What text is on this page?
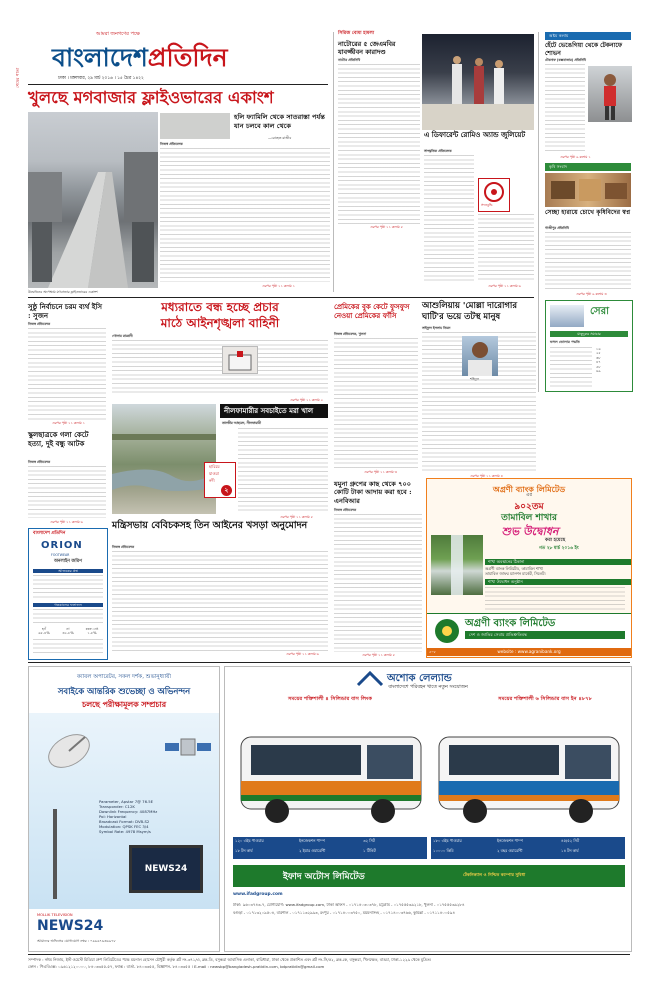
শেষের পাতা
আমরা জনগণের পক্ষে
বাংলাদেশপ্রতিদিন
ঢাকা । মঙ্গলবার, ২৯ মার্চ ২০১৬ । ১৫ চৈত্র ১৪২২
খুলছে মগবাজার ফ্লাইওভারের একাংশ
উদ্বোধনের অপেক্ষায় মগবাজার ফ্লাইওভারের একাংশ
হলি ফ্যামিলি থেকে সাতরাস্তা পর্যন্ত যান চলবে কাল থেকে
—রোহেত রাজীব
নিজস্ব প্রতিবেদক
এরপর পৃষ্ঠা ১১ কলাম ১
সিরিজ বোমা হামলা
নাটোরের ৫ জেএমবির যাবজ্জীবন কারাদণ্ড
নাটোর প্রতিনিধি
এরপর পৃষ্ঠা ১১ কলাম ৫
এ ডিফারেন্ট রোমিও অ্যান্ড জুলিয়েট
সাংস্কৃতিক প্রতিবেদক
সদনবুদ্ধি
এরপর পৃষ্ঠা ১১ কলাম ৬
অষ্টম কলাম
হেঁটে ভেঙেগিয়া থেকে টেকনাফে শোভন
টেকনাফ (কক্সবাজার) প্রতিনিধি
এরপর পৃষ্ঠা ৯ কলাম ১
কৃষি সংবাদ
সেচ্ছা হারায়ে চোখে কৃষিবিদের স্বপ্ন
গাজীপুর প্রতিনিধি
এরপর পৃষ্ঠা ৯ কলাম ৩
সেরা
মাছুদুরুর সমাচার
ফসল তোলার পদ্ধতি
১৬
২৫
৩৮
৪৭
৫৮
৬৯
সুষ্ঠু নির্বাচনে চরম ব্যর্থ ইসি : সুজন
নিজস্ব প্রতিবেদক
এরপর পৃষ্ঠা ১১ কলাম ১
মধ্যরাতে বন্ধ হচ্ছে প্রচার
মাঠে আইনশৃঙ্খলা বাহিনী
গোলাম রাব্বানী
এরপর পৃষ্ঠা ১১ কলাম ২
প্রেমিকের বুক কেটে ফুসফুস নেওয়া প্রেমিকের ফাঁসি
নিজস্ব প্রতিবেদক, খুলনা
এরপর পৃষ্ঠা ১১ কলাম ৩
আশুলিয়ায় 'মোল্লা দারোগার ঘাটি'র ভয়ে তটস্থ মানুষ
সাইফুল ইসলাম তিমন
শহিদুল
এরপর পৃষ্ঠা ১১ কলাম ৪
স্কুলছাত্রকে গলা কেটে হত্যা, দুই বন্ধু আটক
নিজস্ব প্রতিবেদক
এরপর পৃষ্ঠা ১১ কলাম ৬
বাংলাদেশ প্রতিদিন
ORION
FOOTWEAR
অনলাইন জরিপ
আজকের প্রশ্ন
গতকালের ফলাফল
হ্যাঁ
৬৫.৪%
না
৩২.৮%
মন্তব্য নেই
১.৮%
হারিয়ে
যাওয়া
নদী
২
নীলফামারীর সবচাইতে মরা খাল
তানভীর আহমেদ, নীলফামারী
এরপর পৃষ্ঠা ১১ কলাম ৫
মন্ত্রিসভায় বেবিচকসহ তিন আইনের খসড়া অনুমোদন
নিজস্ব প্রতিবেদক
এরপর পৃষ্ঠা ১১ কলাম ৬
যমুনা গ্রুপের কাছ থেকে ৭০০ কোটি টাকা আদায় করা হবে : এনবিআর
নিজস্ব প্রতিবেদক
এরপর পৃষ্ঠা ১১ কলাম ৫
অগ্রণী ব্যাংক লিমিটেড
এর
৯০২তম
তামাবিল শাখার
শুভ উদ্বোধন
করা হয়েছে
গত ২৮ মার্চ ২০১৬ ইং
শাখা অবস্থানের ঠিকানা
অগ্রণী ব্যাংক লিমিটেড, তামাবিল শাখা
তামাবিল জাফর ম্যানশন মার্কেট, সিলেট।
শাখা উদ্বোধন অনুষ্ঠান
অগ্রণী ব্যাংক লিমিটেড
দেশ ও জাতির সেবায় প্রতিশ্রুতিবদ্ধ
website : www.agranibank.org
৫০৮
ক্যাবল অপারেটর, সকল দর্শক, শুভানুধ্যায়ী
সবাইকে আন্তরিক শুভেচ্ছা ও অভিনন্দন
চলছে পরীক্ষামূলক সম্প্রচার
Parameter, Apstar 7@ 76.5E
Transponder: C12K
Downlink Frequency: 4087MHz
Pol: Horizontal
Broadcast Format: DVB-S2
Modulation: QPSK FEC 3/4
Symbol Rate: 4978 Msym/s
NEWS24
MOLLIK TELEVISION
NEWS24
আমাদের অফিসের যোগাযোগ নম্বর : ০৯৬৬৭৬৩৬৯৭৮
অশোক লেল্যান্ড
বাংলাদেশে পরিবহন খাতে নতুন সংযোজন
সময়ের শক্তিশালী ৪ সিলিন্ডার বাস লিংক	সময়ের শক্তিশালী ৬ সিলিন্ডার বাস ইন ৪৮৭৮
১২০ এইচ পাওয়ার	ইনজেকশন পাম্প	৩২ সিট
১৮ টন কার্ব	২ ইয়ার ওয়ারেন্টি	১ টিকিট
১৮০ এইচ পাওয়ার	ইনজেকশন পাম্প	৪৫/৫২ সিট
১০০০০ কিমি	২ বছর ওয়ারেন্টি	১৪ টন কার্ব
ইফাদ অটোস লিমিটেড	টেকনিক্যাল ও নিশ্চিত কম্পোর সুবিধা
www.ifadgroup.com
ঢাকা: ৯৬০৩৭৪৩-৭, যোগাযোগ: www.ifadgroup.com, ঢাকা অফিস - ০১৭১৪০৩০৩৭৮, চট্টগ্রাম - ০১৭৫৫৫৩৯২১৮, খুলনা - ০১৭৫৫৫৩৯২৮৪
বগুড়া - ০১৭১৩২০৯৫০৪, বরিশাল - ০১৭১১৩২৯৯৩, রংপুর - ০১৭১৪০০৩৭৫০, ময়মনসিংহ - ০১৭১৪০০৩৭৬৬, কুমিল্লা - ০১৭১১৪০০৫৯৪
সম্পাদক : নঈম নিজাম, ইস্ট ওয়েস্ট মিডিয়া গ্রুপ লিমিটেডের পক্ষে ময়নাল হোসেন চৌধুরী কর্তৃক প্লট নং-৩৭১/এ, ব্লক-ডি, বসুন্ধরা আবাসিক এলাকা, বারিধারা, ঢাকা থেকে প্রকাশিত এবং প্লট নং-সি/৫২, ব্লক-কে, বসুন্ধরা, খিলক্ষেত, বাড্ডা, ঢাকা-১২২৯ থেকে মুদ্রিত।
ফোন : পিএবিএক্স: ০৯৬১২১২০০০০, ৮৪০৩৩৫৫-৫৭, ফ্যাক্স : বার্তা- ৮৪০৩৩৫৫, বিজ্ঞাপন- ৮৪০৩৩৫৫ । E-mail : newsbp@bangladesh-pratidin.com, bdpratidin@gmail.com
